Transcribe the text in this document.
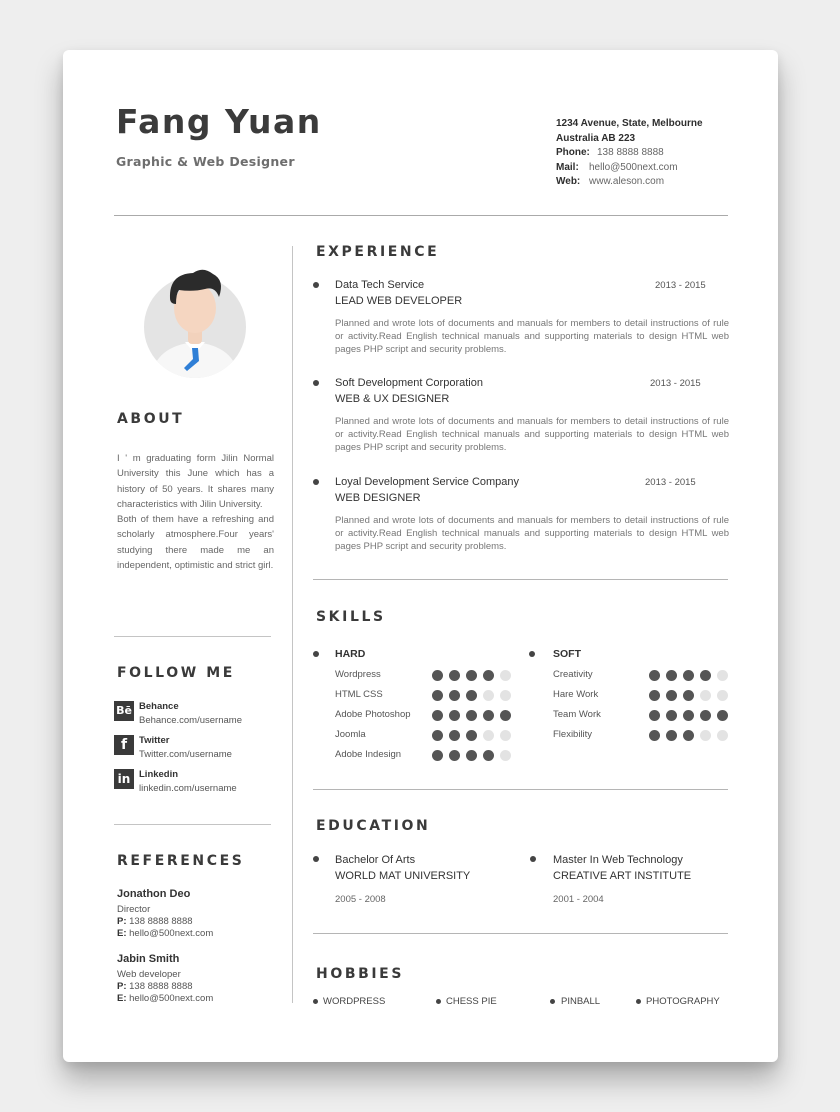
Fang Yuan
Graphic & Web Designer
1234 Avenue, State, Melbourne
Australia AB 223
Phone: 138 8888 8888
Mail: hello@500next.com
Web: www.aleson.com
ABOUT

I ' m graduating form Jilin Normal University this June which has a history of 50 years. It shares many characteristics with Jilin University.

Both of them have a refreshing and scholarly atmosphere.Four years' studying there made me an independent, optimistic and strict girl.

FOLLOW ME
Bē Behance
Behance.com/username
f	Twitter
Twitter.com/username
in Linkedin
linkedin.com/username
REFERENCES
Jonathon Deo
Director
P: 138 8888 8888
E: hello@500next.com
Jabin Smith
Web developer
P: 138 8888 8888
E: hello@500next.com
EXPERIENCE
Data Tech Service	2013 - 2015
LEAD WEB DEVELOPER
Planned and wrote lots of documents and manuals for members to detail instructions of rule or activity.Read English technical manuals and supporting materials to design HTML web pages PHP script and security problems.
Soft Development Corporation	2013 - 2015
WEB & UX DESIGNER
Planned and wrote lots of documents and manuals for members to detail instructions of rule or activity.Read English technical manuals and supporting materials to design HTML web pages PHP script and security problems.
Loyal Development Service Company	2013 - 2015
WEB DESIGNER
Planned and wrote lots of documents and manuals for members to detail instructions of rule or activity.Read English technical manuals and supporting materials to design HTML web pages PHP script and security problems.
SKILLS
HARD	SOFT
Wordpress
HTML CSS
Adobe Photoshop
Joomla
Adobe Indesign
Creativity
Hare Work
Team Work
Flexibility
EDUCATION
Bachelor Of Arts
WORLD MAT UNIVERSITY
2005 - 2008
Master In Web Technology
CREATIVE ART INSTITUTE
2001 - 2004
HOBBIES
WORDPRESS	CHESS PIE	PINBALL	PHOTOGRAPHY
